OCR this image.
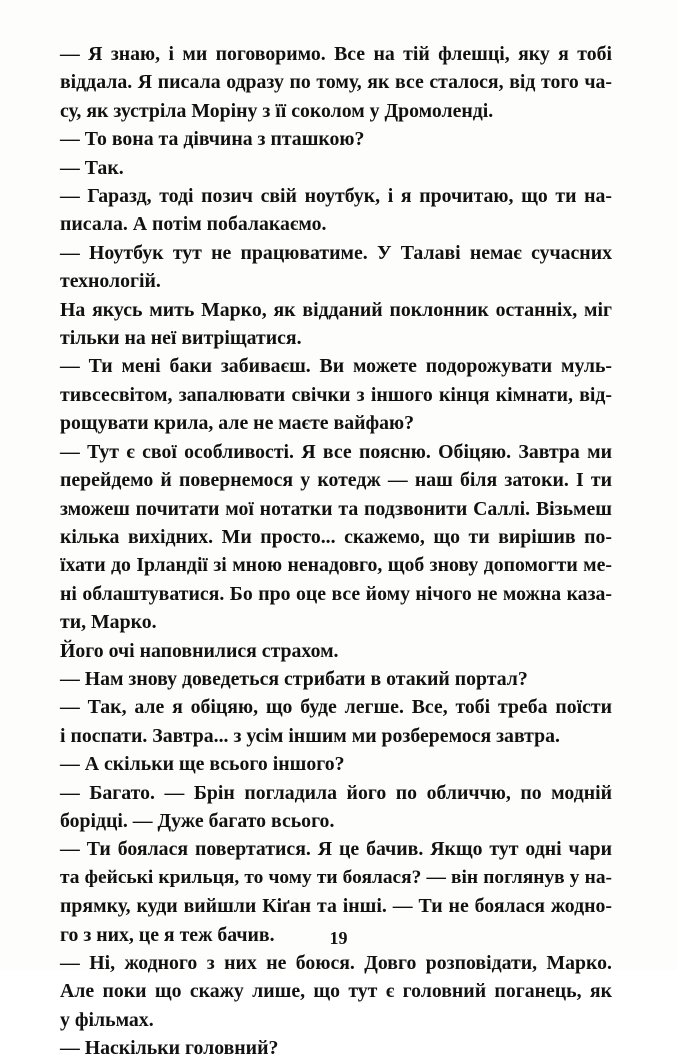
— Я знаю, і ми поговоримо. Все на тій флешці, яку я тобі
віддала. Я писала одразу по тому, як все сталося, від того ча-
су, як зустріла Моріну з її соколом у Дромоленді.
— То вона та дівчина з пташкою?
— Так.
— Гаразд, тоді позич свій ноутбук, і я прочитаю, що ти на-
писала. А потім побалакаємо.
— Ноутбук тут не працюватиме. У Талаві немає сучасних
технологій.
На якусь мить Марко, як відданий поклонник останніх, міг
тільки на неї витріщатися.
— Ти мені баки забиваєш. Ви можете подорожувати муль-
тивсесвітом, запалювати свічки з іншого кінця кімнати, від-
рощувати крила, але не маєте вайфаю?
— Тут є свої особливості. Я все поясню. Обіцяю. Завтра ми
перейдемо й повернемося у котедж — наш біля затоки. І ти
зможеш почитати мої нотатки та подзвонити Саллі. Візьмеш
кілька вихідних. Ми просто... скажемо, що ти вирішив по-
їхати до Ірландії зі мною ненадовго, щоб знову допомогти ме-
ні облаштуватися. Бо про оце все йому нічого не можна каза-
ти, Марко.
Його очі наповнилися страхом.
— Нам знову доведеться стрибати в отакий портал?
— Так, але я обіцяю, що буде легше. Все, тобі треба поїсти
і поспати. Завтра... з усім іншим ми розберемося завтра.
— А скільки ще всього іншого?
— Багато. — Брін погладила його по обличчю, по модній
борідці. — Дуже багато всього.
— Ти боялася повертатися. Я це бачив. Якщо тут одні чари
та фейські крильця, то чому ти боялася? — він поглянув у на-
прямку, куди вийшли Кіґан та інші. — Ти не боялася жодно-
го з них, це я теж бачив.
— Ні, жодного з них не боюся. Довго розповідати, Марко.
Але поки що скажу лише, що тут є головний поганець, як
у фільмах.
— Наскільки головний?
19
